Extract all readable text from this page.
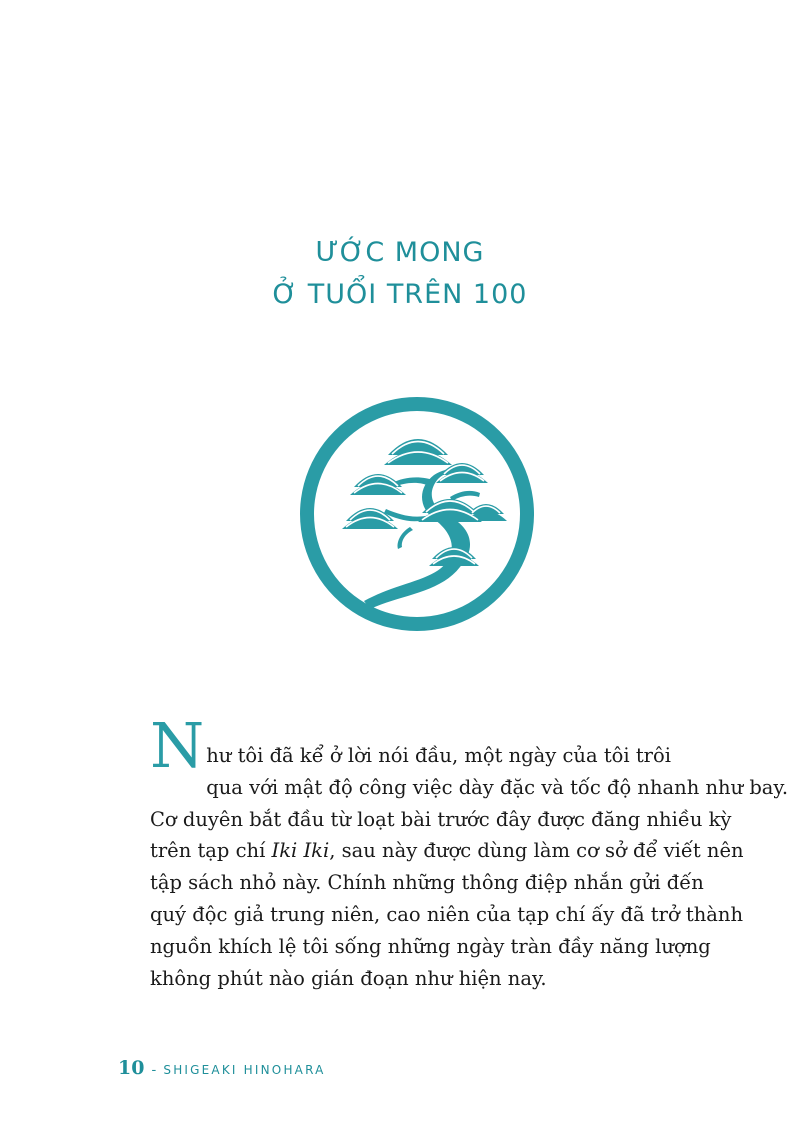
ƯỚC MONG
Ở TUỔI TRÊN 100
N hư tôi đã kể ở lời nói đầu, một ngày của tôi trôi
qua với mật độ công việc dày đặc và tốc độ nhanh như bay.
Cơ duyên bắt đầu từ loạt bài trước đây được đăng nhiều kỳ
trên tạp chí Iki Iki, sau này được dùng làm cơ sở để viết nên
tập sách nhỏ này. Chính những thông điệp nhắn gửi đến
quý độc giả trung niên, cao niên của tạp chí ấy đã trở thành
nguồn khích lệ tôi sống những ngày tràn đầy năng lượng
không phút nào gián đoạn như hiện nay.
10 - SHIGEAKI HINOHARA
